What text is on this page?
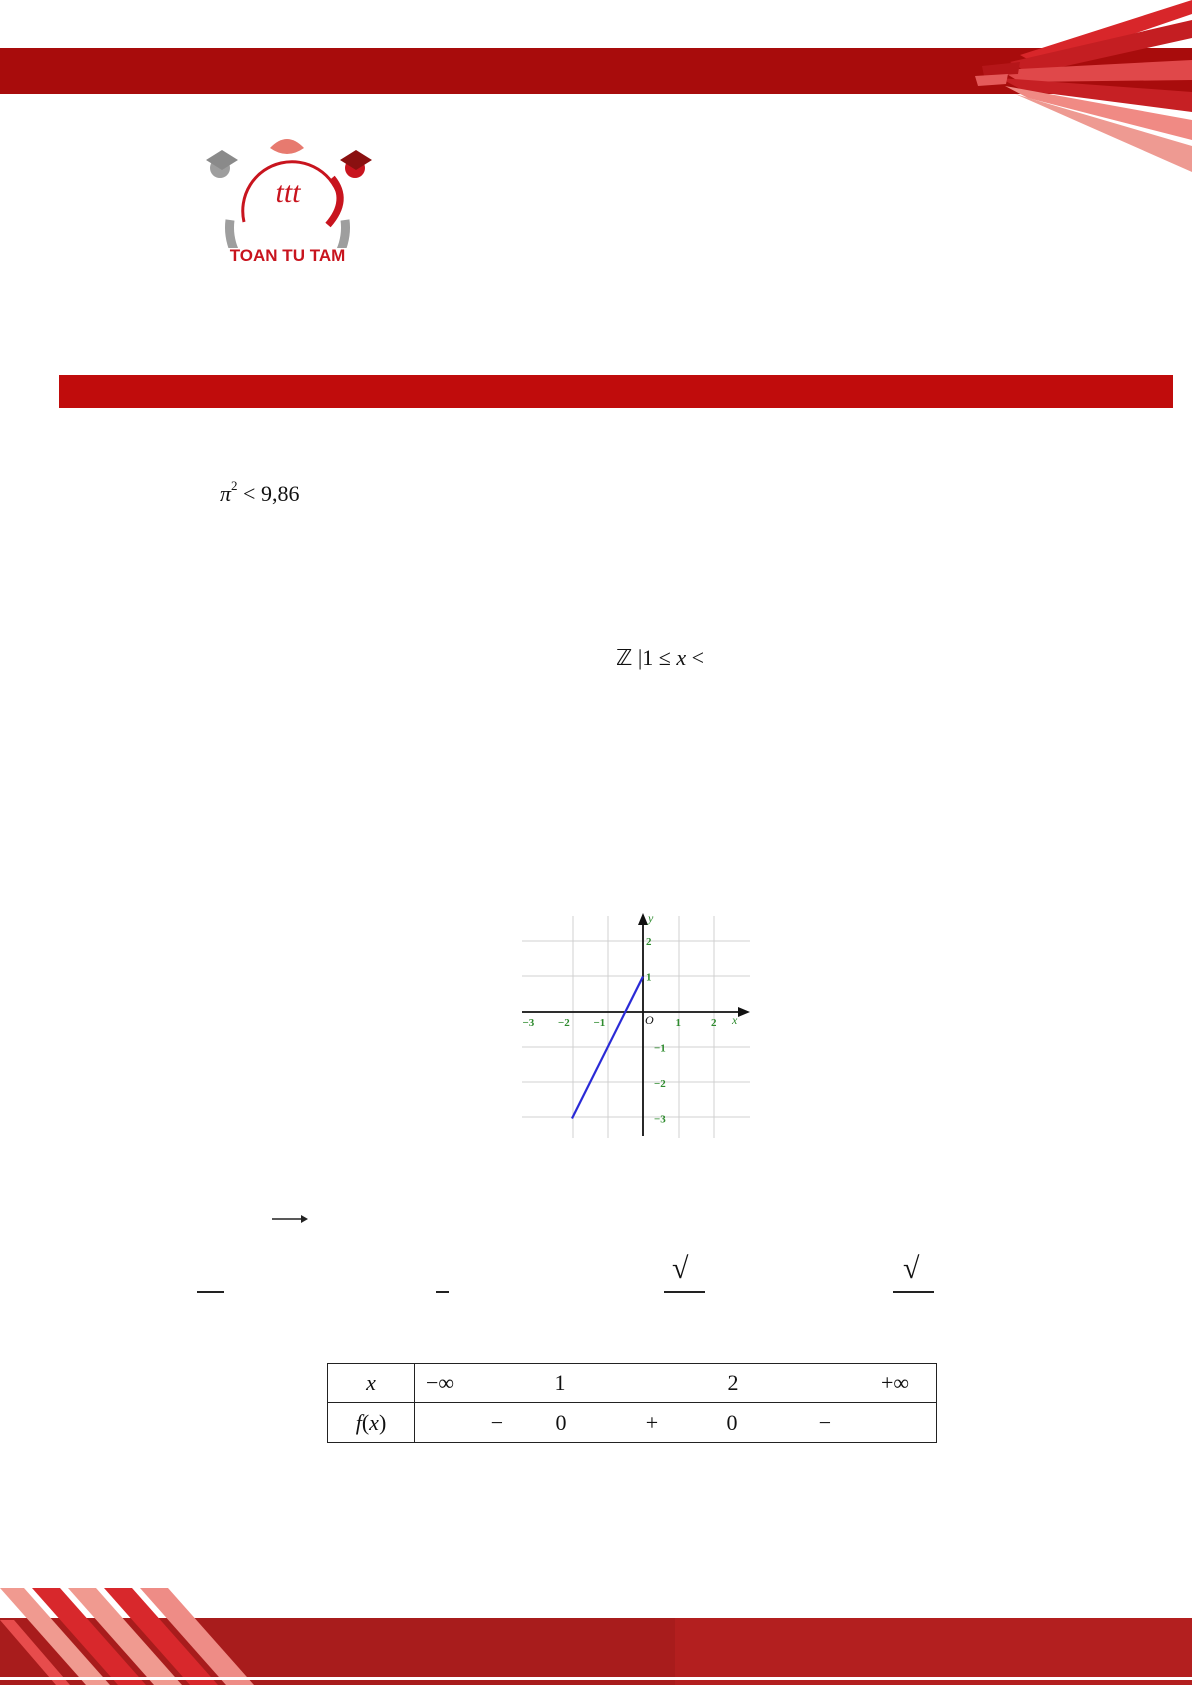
ttt
TOAN TU TAM
$\pi^2 < 9,86$
ℤ |1 ≤ x <
y
x
O
−3 −2 −1	1	2
2
1
−1
−2
−3
√	√
x	−∞ 1 2 +∞

f(x)	− 0 + 0 −
